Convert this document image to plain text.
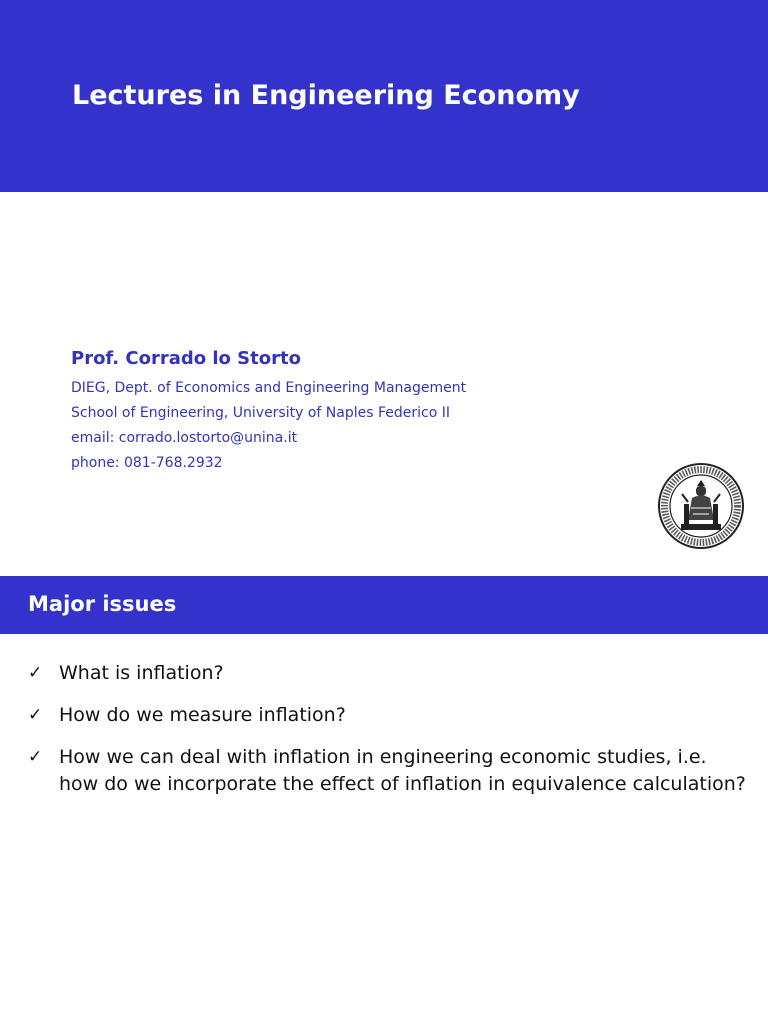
Lectures in Engineering Economy
Prof. Corrado lo Storto
DIEG, Dept. of Economics and Engineering Management
School of Engineering, University of Naples Federico II
email: corrado.lostorto@unina.it
phone: 081-768.2932
Major issues
✓ What is inflation?
✓ How do we measure inflation?
✓ How we can deal with inflation in engineering economic studies, i.e. how do we incorporate the effect of inflation in equivalence calculation?
